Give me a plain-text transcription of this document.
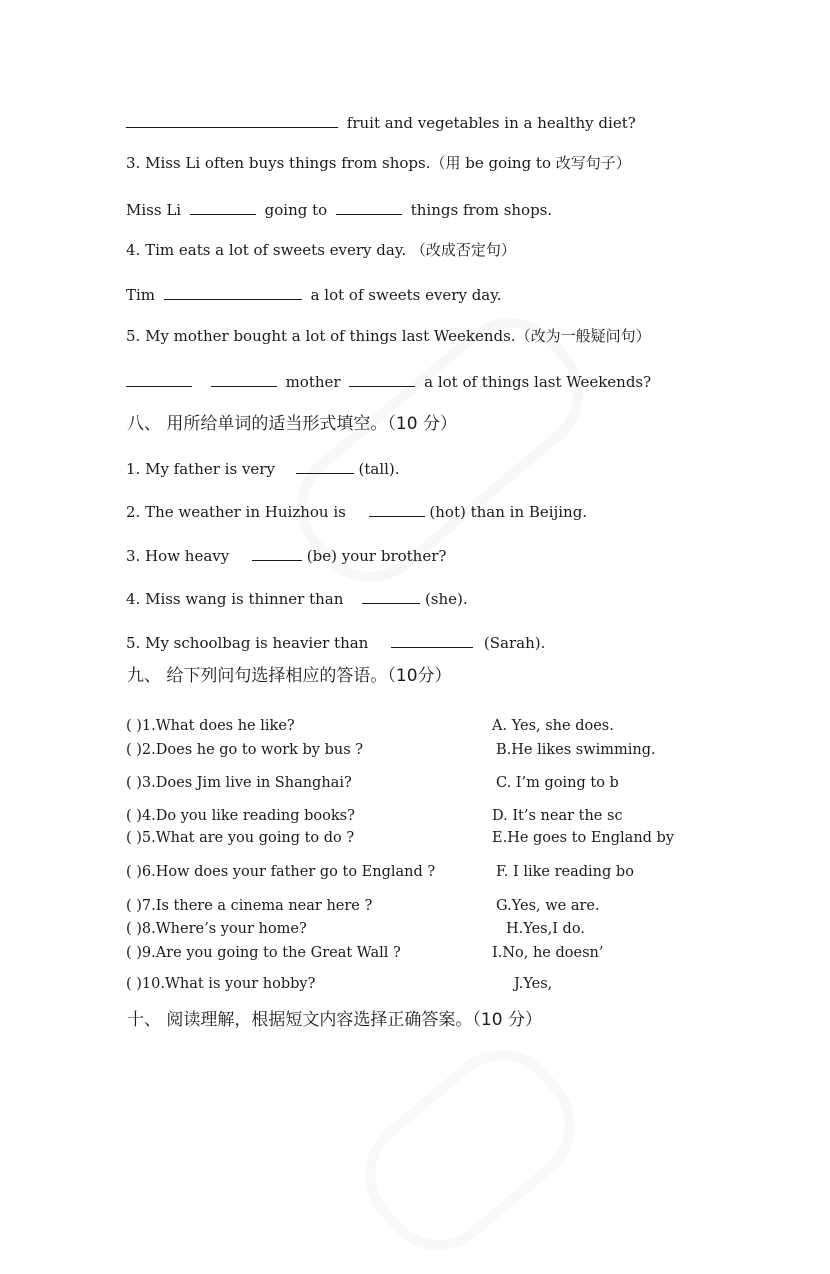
fruit and vegetables in a healthy diet?
3. Miss Li often buys things from shops.（用 be going to 改写句子）
Miss Li	going to	things from shops.
4. Tim eats a lot of sweets every day. （改成否定句）
Tim	a lot of sweets every day.
5. My mother bought a lot of things last Weekends.（改为一般疑问句）
mother	a lot of things last Weekends?
八、 用所给单词的适当形式填空。（10 分）
1. My father is very	(tall).
2. The weather in Huizhou is	(hot) than in Beijing.
3. How heavy	(be) your brother?
4. Miss wang is thinner than	(she).
5. My schoolbag is heavier than	(Sarah).
九、 给下列问句选择相应的答语。（10分）
( )1.What does he like?	A. Yes, she does.
( )2.Does he go to work by bus ?	B.He likes swimming.
( )3.Does Jim live in Shanghai?	C. I’m going to b
( )4.Do you like reading books?	D. It’s near the sc
( )5.What are you going to do ?	E.He goes to England by
( )6.How does your father go to England ?	F. I like reading bo
( )7.Is there a cinema near here ?	G.Yes, we are.
( )8.Where’s your home?	H.Yes,I do.
( )9.Are you going to the Great Wall ?	I.No, he doesn’
( )10.What is your hobby?	J.Yes,
十、 阅读理解，根据短文内容选择正确答案。（10 分）
